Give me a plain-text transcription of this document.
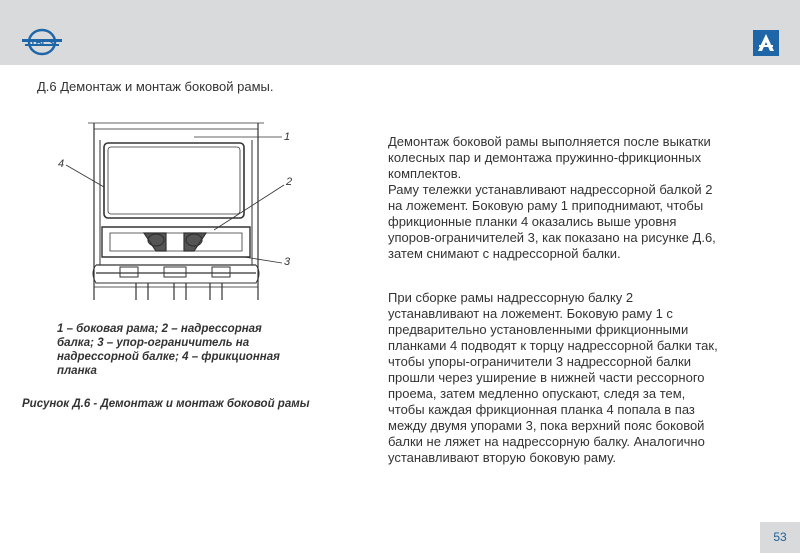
ТВСЗ
Д.6 Демонтаж и монтаж боковой рамы.
1
2
3
4
1 – боковая рама; 2 – надрессорная
балка; 3 – упор-ограничитель на
надрессорной балке; 4 – фрикционная
планка
Рисунок Д.6 - Демонтаж и монтаж боковой рамы

Демонтаж боковой рамы выполняется после выкатки
колесных пар и демонтажа пружинно-фрикционных
комплектов.
Раму тележки устанавливают надрессорной балкой 2
на ложемент. Боковую раму 1 приподнимают, чтобы
фрикционные планки 4 оказались выше уровня
упоров-ограничителей 3, как показано на рисунке Д.6,
затем снимают с надрессорной балки.

При сборке рамы надрессорную балку 2
устанавливают на ложемент. Боковую раму 1 с
предварительно установленными фрикционными
планками 4 подводят к торцу надрессорной балки так,
чтобы упоры-ограничители 3 надрессорной балки
прошли через уширение в нижней части рессорного
проема, затем медленно опускают, следя за тем,
чтобы каждая фрикционная планка 4 попала в паз
между двумя упорами 3, пока верхний пояс боковой
балки не ляжет на надрессорную балку. Аналогично
устанавливают вторую боковую раму.

53
